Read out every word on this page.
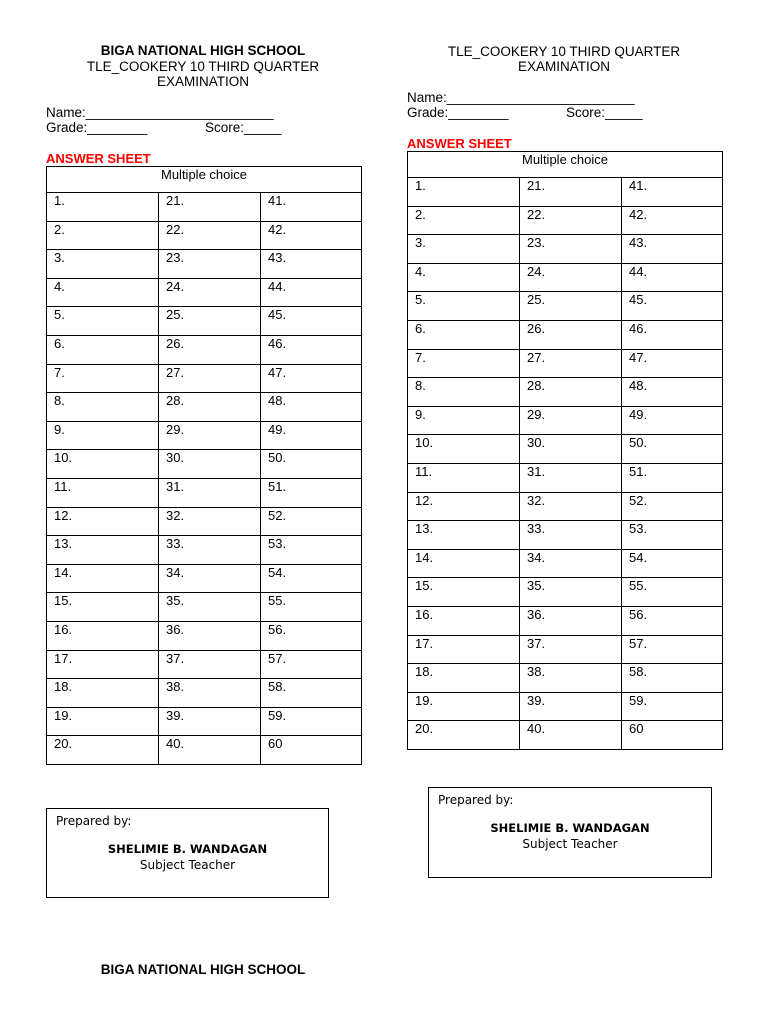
BIGA NATIONAL HIGH SCHOOL
TLE_COOKERY 10 THIRD QUARTER
EXAMINATION
Name:_________________________
Grade:________	Score:_____
ANSWER SHEET
Multiple choice		
1.	21.	41.
2.	22.	42.
3.	23.	43.
4.	24.	44.
5.	25.	45.
6.	26.	46.
7.	27.	47.
8.	28.	48.
9.	29.	49.
10.	30.	50.
11.	31.	51.
12.	32.	52.
13.	33.	53.
14.	34.	54.
15.	35.	55.
16.	36.	56.
17.	37.	57.
18.	38.	58.
19.	39.	59.
20.	40.	60
Prepared by:
SHELIMIE B. WANDAGAN
Subject Teacher
TLE_COOKERY 10 THIRD QUARTER
EXAMINATION
Name:_________________________
Grade:________	Score:_____
ANSWER SHEET
Multiple choice		
1.	21.	41.
2.	22.	42.
3.	23.	43.
4.	24.	44.
5.	25.	45.
6.	26.	46.
7.	27.	47.
8.	28.	48.
9.	29.	49.
10.	30.	50.
11.	31.	51.
12.	32.	52.
13.	33.	53.
14.	34.	54.
15.	35.	55.
16.	36.	56.
17.	37.	57.
18.	38.	58.
19.	39.	59.
20.	40.	60
Prepared by:
SHELIMIE B. WANDAGAN
Subject Teacher
BIGA NATIONAL HIGH SCHOOL
